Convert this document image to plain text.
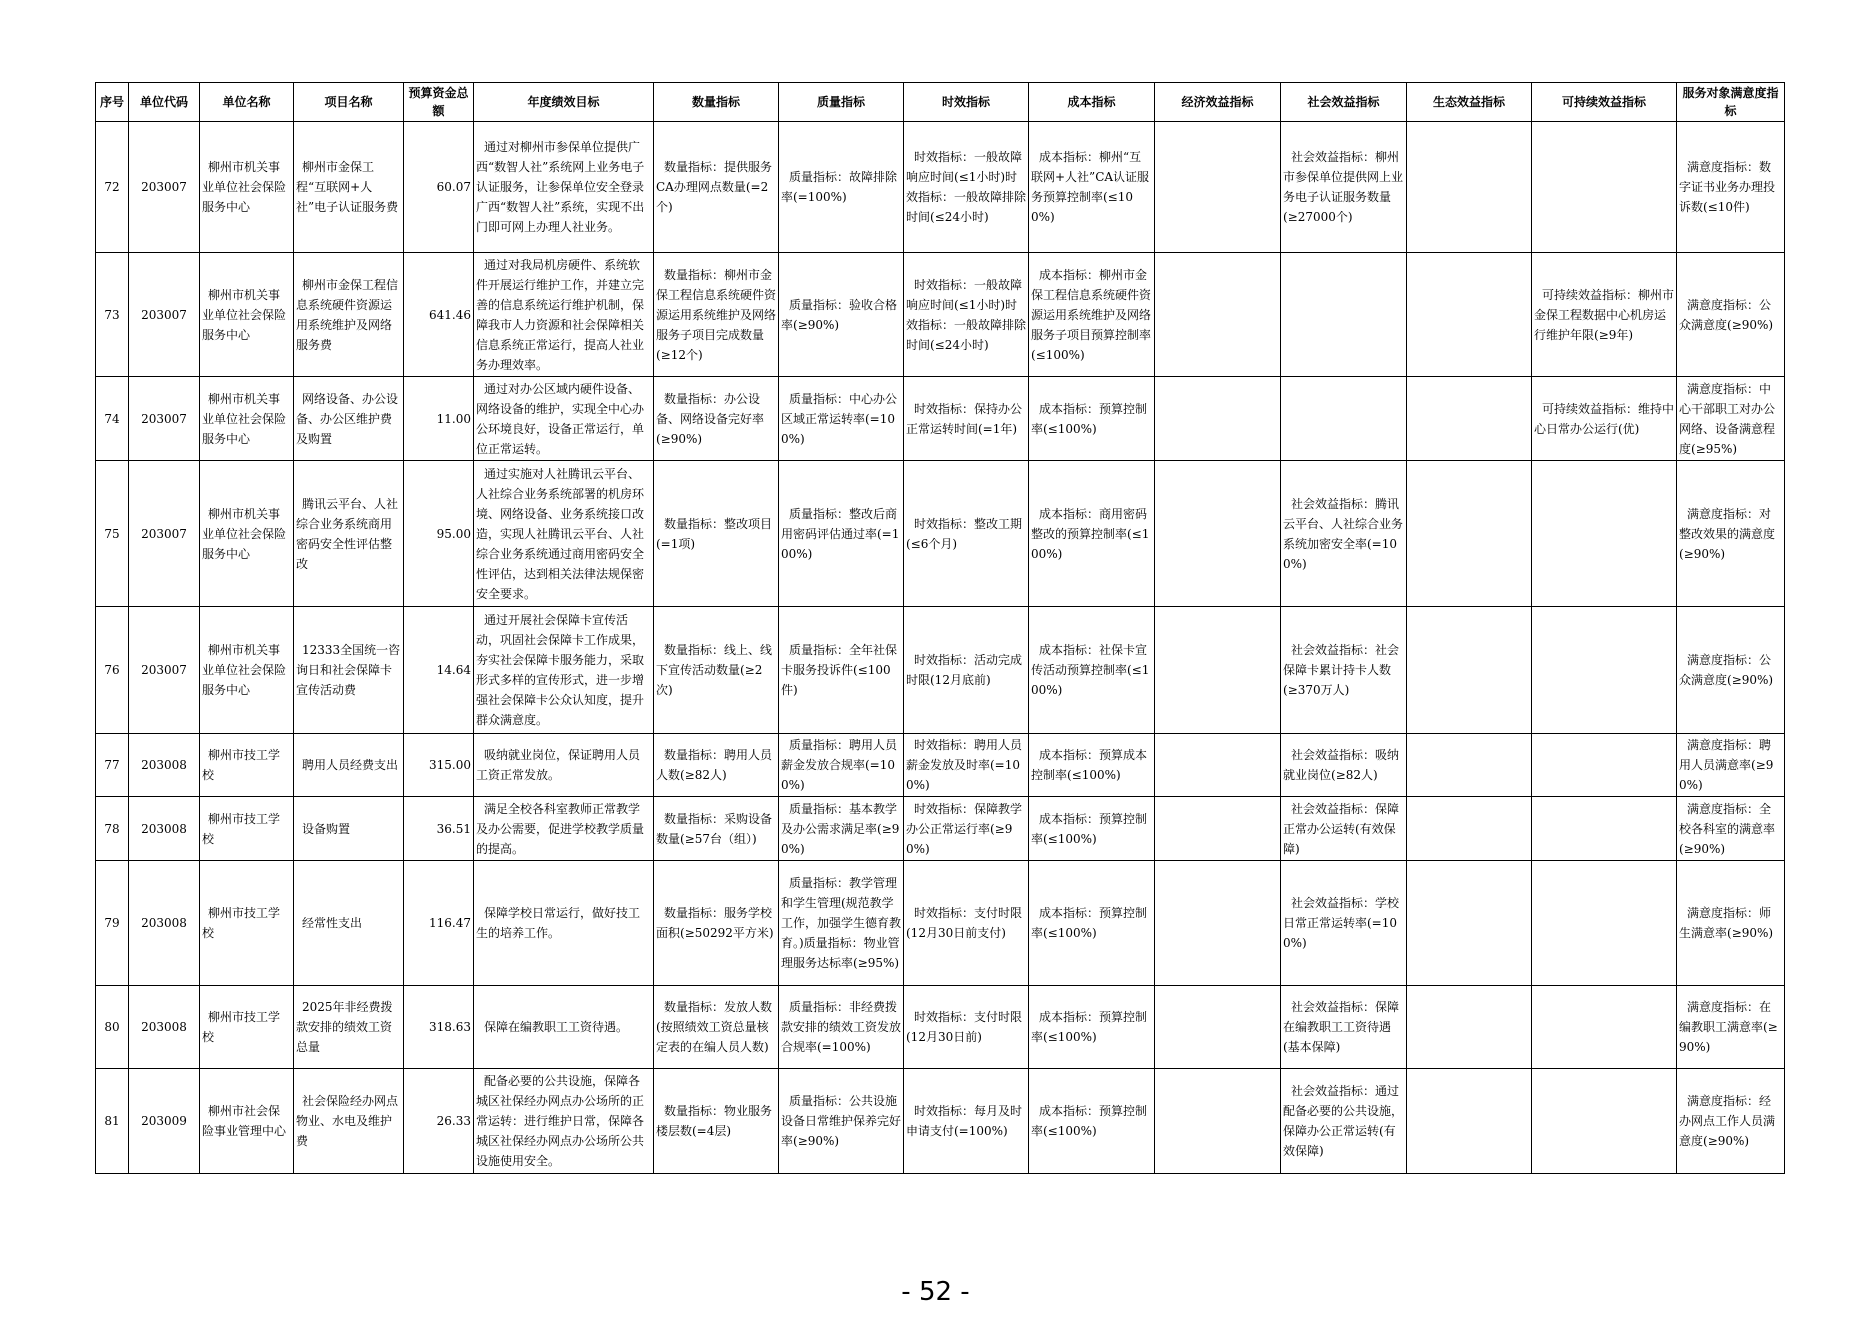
序号	单位代码	单位名称	项目名称	预算资金总额	年度绩效目标	数量指标	质量指标	时效指标	成本指标	经济效益指标	社会效益指标	生态效益指标	可持续效益指标	服务对象满意度指标
72	203007	柳州市机关事业单位社会保险服务中心	柳州市金保工程“互联网+人社”电子认证服务费	60.07	通过对柳州市参保单位提供广西“数智人社”系统网上业务电子认证服务，让参保单位安全登录广西“数智人社”系统，实现不出门即可网上办理人社业务。	数量指标：提供服务CA办理网点数量(=2个)	质量指标：故障排除率(=100%)	时效指标：一般故障响应时间(≤1小时)时效指标：一般故障排除时间(≤24小时)	成本指标：柳州“互联网+人社”CA认证服务预算控制率(≤100%)		社会效益指标：柳州市参保单位提供网上业务电子认证服务数量(≥27000个)			满意度指标：数字证书业务办理投诉数(≤10件)
73	203007	柳州市机关事业单位社会保险服务中心	柳州市金保工程信息系统硬件资源运用系统维护及网络服务费	641.46	通过对我局机房硬件、系统软件开展运行维护工作，并建立完善的信息系统运行维护机制，保障我市人力资源和社会保障相关信息系统正常运行，提高人社业务办理效率。	数量指标：柳州市金保工程信息系统硬件资源运用系统维护及网络服务子项目完成数量(≥12个)	质量指标：验收合格率(≥90%)	时效指标：一般故障响应时间(≤1小时)时效指标：一般故障排除时间(≤24小时)	成本指标：柳州市金保工程信息系统硬件资源运用系统维护及网络服务子项目预算控制率(≤100%)				可持续效益指标：柳州市金保工程数据中心机房运行维护年限(≥9年)	满意度指标：公众满意度(≥90%)
74	203007	柳州市机关事业单位社会保险服务中心	网络设备、办公设备、办公区维护费及购置	11.00	通过对办公区域内硬件设备、网络设备的维护，实现全中心办公环境良好，设备正常运行，单位正常运转。	数量指标：办公设备、网络设备完好率(≥90%)	质量指标：中心办公区域正常运转率(=100%)	时效指标：保持办公正常运转时间(=1年)	成本指标：预算控制率(≤100%)				可持续效益指标：维持中心日常办公运行(优)	满意度指标：中心干部职工对办公网络、设备满意程度(≥95%)
75	203007	柳州市机关事业单位社会保险服务中心	腾讯云平台、人社综合业务系统商用密码安全性评估整改	95.00	通过实施对人社腾讯云平台、人社综合业务系统部署的机房环境、网络设备、业务系统接口改造，实现人社腾讯云平台、人社综合业务系统通过商用密码安全性评估，达到相关法律法规保密安全要求。	数量指标：整改项目(=1项)	质量指标：整改后商用密码评估通过率(=100%)	时效指标：整改工期(≤6个月)	成本指标：商用密码整改的预算控制率(≤100%)		社会效益指标：腾讯云平台、人社综合业务系统加密安全率(=100%)			满意度指标：对整改效果的满意度(≥90%)
76	203007	柳州市机关事业单位社会保险服务中心	12333全国统一咨询日和社会保障卡宣传活动费	14.64	通过开展社会保障卡宣传活动，巩固社会保障卡工作成果，夯实社会保障卡服务能力，采取形式多样的宣传形式，进一步增强社会保障卡公众认知度，提升群众满意度。	数量指标：线上、线下宣传活动数量(≥2次)	质量指标：全年社保卡服务投诉件(≤100件)	时效指标：活动完成时限(12月底前)	成本指标：社保卡宣传活动预算控制率(≤100%)		社会效益指标：社会保障卡累计持卡人数(≥370万人)			满意度指标：公众满意度(≥90%)
77	203008	柳州市技工学校	聘用人员经费支出	315.00	吸纳就业岗位，保证聘用人员工资正常发放。	数量指标：聘用人员人数(≥82人)	质量指标：聘用人员薪金发放合规率(=100%)	时效指标：聘用人员薪金发放及时率(=100%)	成本指标：预算成本控制率(≤100%)		社会效益指标：吸纳就业岗位(≥82人)			满意度指标：聘用人员满意率(≥90%)
78	203008	柳州市技工学校	设备购置	36.51	满足全校各科室教师正常教学及办公需要，促进学校教学质量的提高。	数量指标：采购设备数量(≥57台（组）)	质量指标：基本教学及办公需求满足率(≥90%)	时效指标：保障教学办公正常运行率(≥90%)	成本指标：预算控制率(≤100%)		社会效益指标：保障正常办公运转(有效保障)			满意度指标：全校各科室的满意率(≥90%)
79	203008	柳州市技工学校	经常性支出	116.47	保障学校日常运行，做好技工生的培养工作。	数量指标：服务学校面积(≥50292平方米)	质量指标：教学管理和学生管理(规范教学工作，加强学生德育教育。)质量指标：物业管理服务达标率(≥95%)	时效指标：支付时限(12月30日前支付)	成本指标：预算控制率(≤100%)		社会效益指标：学校日常正常运转率(=100%)			满意度指标：师生满意率(≥90%)
80	203008	柳州市技工学校	2025年非经费拨款安排的绩效工资总量	318.63	保障在编教职工工资待遇。	数量指标：发放人数(按照绩效工资总量核定表的在编人员人数)	质量指标：非经费拨款安排的绩效工资发放合规率(=100%)	时效指标：支付时限(12月30日前)	成本指标：预算控制率(≤100%)		社会效益指标：保障在编教职工工资待遇(基本保障)			满意度指标：在编教职工满意率(≥90%)
81	203009	柳州市社会保险事业管理中心	社会保险经办网点物业、水电及维护费	26.33	配备必要的公共设施，保障各城区社保经办网点办公场所的正常运转：进行维护日常，保障各城区社保经办网点办公场所公共设施使用安全。	数量指标：物业服务楼层数(=4层)	质量指标：公共设施设备日常维护保养完好率(≥90%)	时效指标：每月及时申请支付(=100%)	成本指标：预算控制率(≤100%)		社会效益指标：通过配备必要的公共设施，保障办公正常运转(有效保障)			满意度指标：经办网点工作人员满意度(≥90%)
- 52 -
